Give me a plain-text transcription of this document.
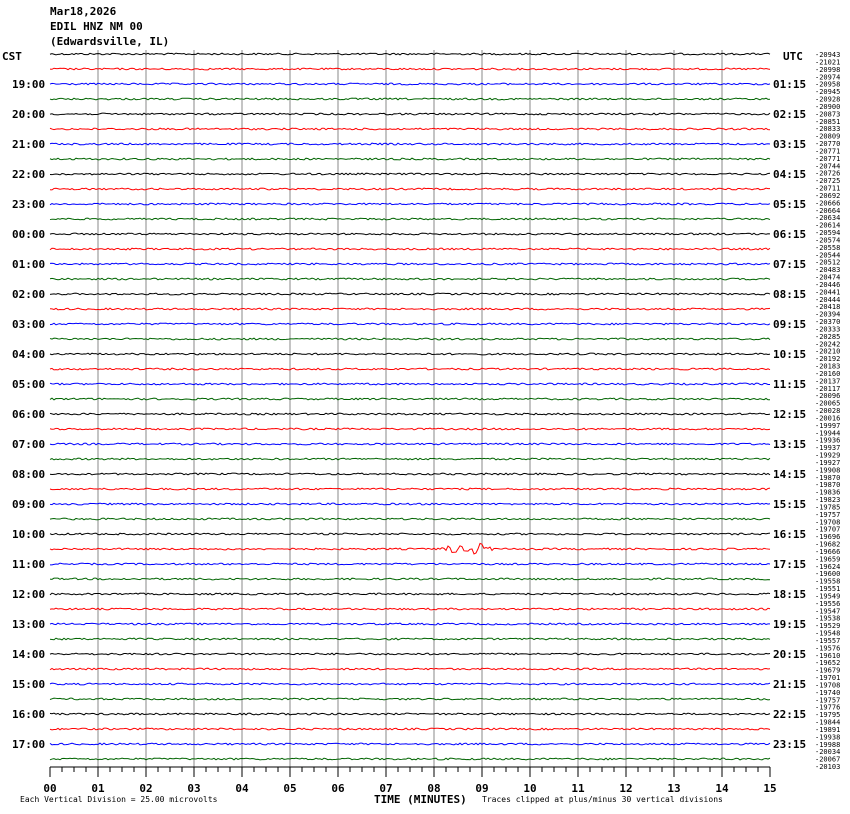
Mar18,2026
EDIL HNZ NM 00
(Edwardsville, IL)
CST	UTC
19:00
20:00
21:00
22:00
23:00
00:00
01:00
02:00
03:00
04:00
05:00
06:00
07:00
08:00
09:00
10:00
11:00
12:00
13:00
14:00
15:00
16:00
17:00
01:15
02:15
03:15
04:15
05:15
06:15
07:15
08:15
09:15
10:15
11:15
12:15
13:15
14:15
15:15
16:15
17:15
18:15
19:15
20:15
21:15
22:15
23:15
-20943
-21021
-20998
-20974
-20958
-20945
-20928
-20900
-20873
-20851
-20833
-20809
-20770
-20771
-20771
-20744
-20726
-20725
-20711
-20692
-20666
-20664
-20634
-20614
-20594
-20574
-20558
-20544
-20512
-20483
-20474
-20446
-20441
-20444
-20418
-20394
-20370
-20333
-20285
-20242
-20210
-20192
-20183
-20160
-20137
-20117
-20096
-20065
-20028
-20016
-19997
-19944
-19936
-19937
-19929
-19927
-19908
-19870
-19870
-19836
-19823
-19785
-19757
-19708
-19707
-19696
-19682
-19666
-19659
-19624
-19600
-19558
-19551
-19549
-19556
-19547
-19538
-19529
-19548
-19557
-19576
-19610
-19652
-19679
-19701
-19708
-19740
-19757
-19776
-19795
-19844
-19891
-19938
-19988
-20034
-20067
-20103
00	01	02	03	04	05	06	07	08	09	10	11	12	13	14	15
Each Vertical Division = 25.00 microvolts	TIME (MINUTES) Traces clipped at plus/minus 30 vertical divisions
